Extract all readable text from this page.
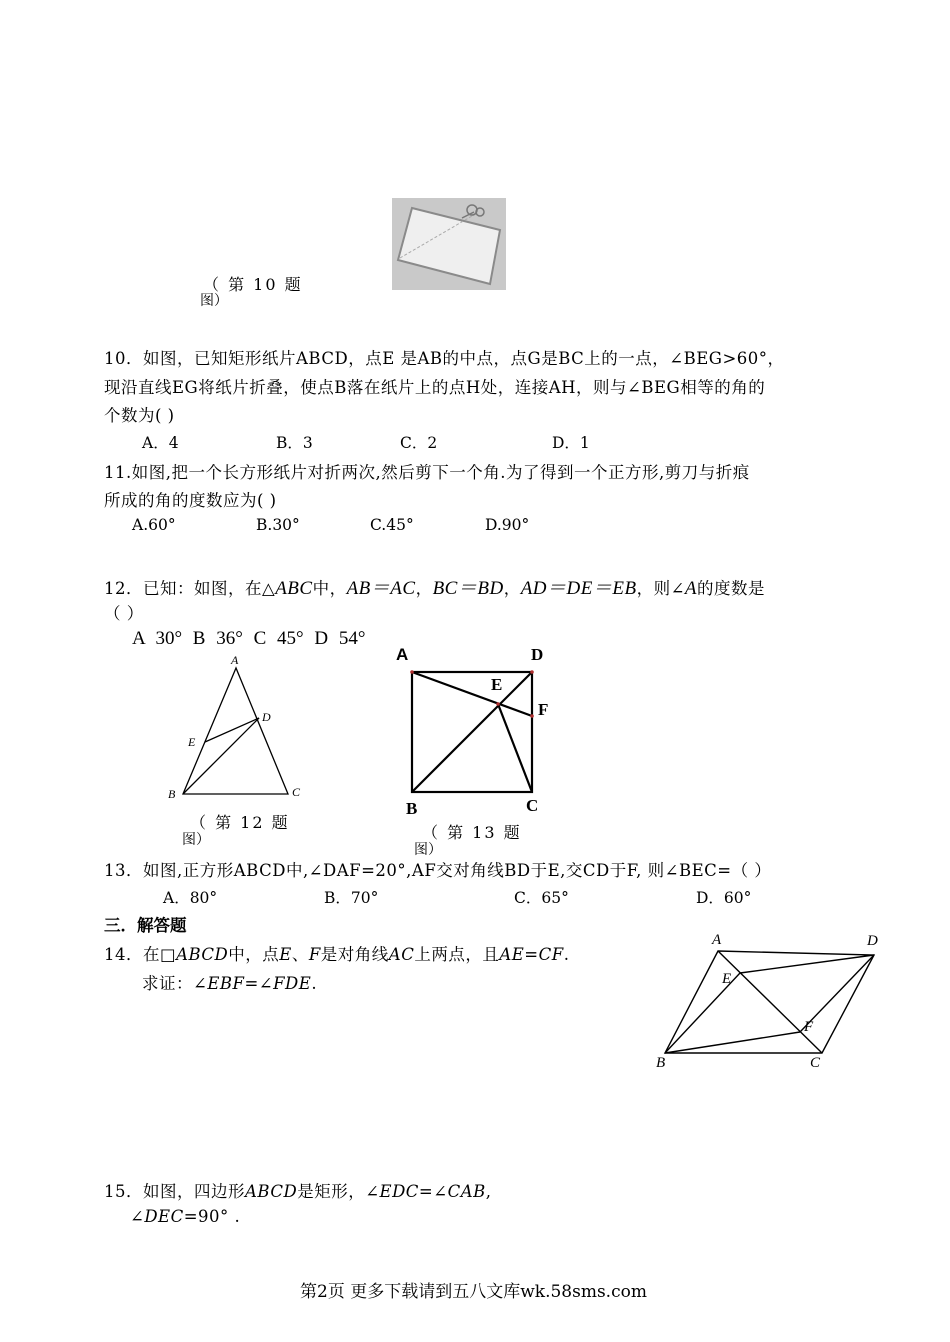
（ 第 10 题
图）
10．如图，已知矩形纸片ABCD，点E 是AB的中点，点G是BC上的一点，∠BEG>60°，
现沿直线EG将纸片折叠，使点B落在纸片上的点H处，连接AH，则与∠BEG相等的角的
个数为( )
A．4	B．3	C．2	D．1
11.如图,把一个长方形纸片对折两次,然后剪下一个角.为了得到一个正方形,剪刀与折痕
所成的角的度数应为( )
A.60°	B.30°	C.45°	D.90°
12．已知：如图，在△ABC中，AB＝AC，BC＝BD，AD＝DE＝EB，则∠A的度数是
（ ）
A 30° B 36° C 45° D 54°
A
D
E
B	C
（ 第 12 题
图）
A	D
E
F
B	C
（ 第 13 题
图）
13．如图,正方形ABCD中,∠DAF=20°,AF交对角线BD于E,交CD于F, 则∠BEC=（ ）
A．80°	B．70°	C．65°	D．60°
三．解答题
14．在□ABCD中，点E、F是对角线AC上两点，且AE=CF.
求证：∠EBF=∠FDE.
A	D
E
F
B	C
15．如图，四边形ABCD是矩形，∠EDC=∠CAB,
∠DEC=90° .
第2页 更多下载请到五八文库wk.58sms.com
